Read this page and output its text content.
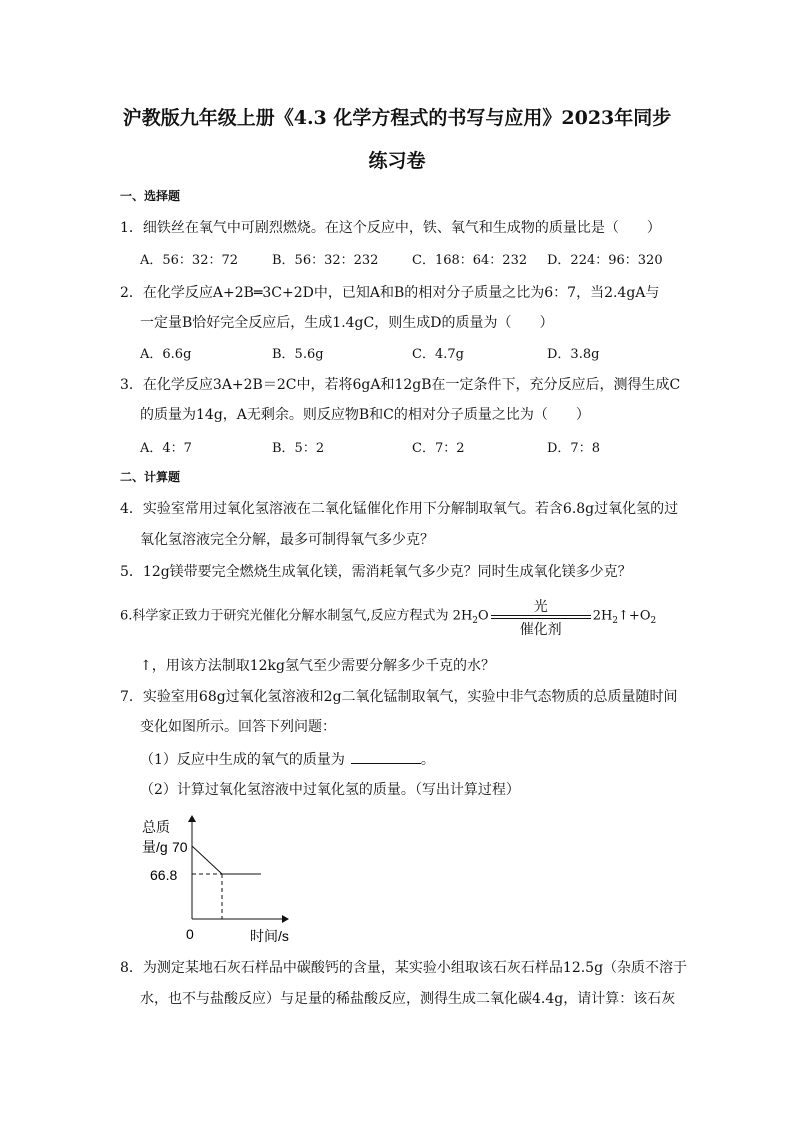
沪教版九年级上册《4.3 化学方程式的书写与应用》2023年同步
练习卷
一、选择题
1．细铁丝在氧气中可剧烈燃烧。在这个反应中，铁、氧气和生成物的质量比是（　　）
A．56：32：72	B．56：32：232	C．168：64：232 D．224：96：320
2．在化学反应A+2B═3C+2D中，已知A和B的相对分子质量之比为6：7，当2.4gA与
一定量B恰好完全反应后，生成1.4gC，则生成D的质量为（　　）
A．6.6g	B．5.6g	C．4.7g	D．3.8g
3．在化学反应3A+2B＝2C中，若将6gA和12gB在一定条件下，充分反应后，测得生成C
的质量为14g，A无剩余。则反应物B和C的相对分子质量之比为（　　）
A．4：7	B．5：2	C．7：2	D．7：8
二、计算题
4．实验室常用过氧化氢溶液在二氧化锰催化作用下分解制取氧气。若含6.8g过氧化氢的过
氧化氢溶液完全分解，最多可制得氧气多少克？
5．12g镁带要完全燃烧生成氧化镁，需消耗氧气多少克？同时生成氧化镁多少克？
6.科学家正致力于研究光催化分解水制氢气,反应方程式为 $2H_2O$
光
催化剂
$2H_2↑+O_2$
↑，用该方法制取12kg氢气至少需要分解多少千克的水？
7．实验室用68g过氧化氢溶液和2g二氧化锰制取氧气，实验中非气态物质的总质量随时间
变化如图所示。回答下列问题：
（1）反应中生成的氧气的质量为	。
（2）计算过氧化氢溶液中过氧化氢的质量。（写出计算过程）
总质
量/g 70
66.8
0	时间/s
8．为测定某地石灰石样品中碳酸钙的含量，某实验小组取该石灰石样品12.5g（杂质不溶于
水，也不与盐酸反应）与足量的稀盐酸反应，测得生成二氧化碳4.4g，请计算：该石灰
